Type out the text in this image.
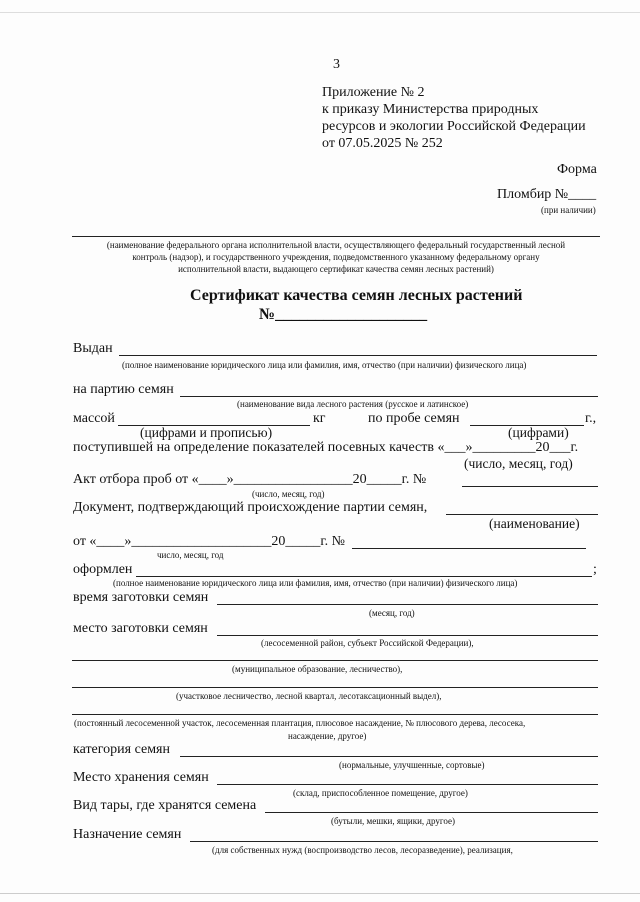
3
Приложение № 2
к приказу Министерства природных
ресурсов и экологии Российской Федерации
от 07.05.2025 № 252
Форма
Пломбир №____
(при наличии)
(наименование федерального органа исполнительной власти, осуществляющего федеральный государственный лесной
контроль (надзор), и государственного учреждения, подведомственного указанному федеральному органу
исполнительной власти, выдающего сертификат качества семян лесных растений)
Сертификат качества семян лесных растений
№___________________
Выдан
(полное наименование юридического лица или фамилия, имя, отчество (при наличии) физического лица)
на партию семян
(наименование вида лесного растения (русское и латинское)
массой	кг	по пробе семян	г.,
(цифрами и прописью)	(цифрами)
поступившей на определение показателей посевных качеств «___»_________20___г.
(число, месяц, год)
Акт отбора проб от «____»_________________20_____г. №
(число, месяц, год)
Документ, подтверждающий происхождение партии семян,
(наименование)
от «____»____________________20_____г. №
число, месяц, год
оформлен	;
(полное наименование юридического лица или фамилия, имя, отчество (при наличии) физического лица)
время заготовки семян
(месяц, год)
место заготовки семян
(лесосеменной район, субъект Российской Федерации),
(муниципальное образование, лесничество),
(участковое лесничество, лесной квартал, лесотаксационный выдел),
(постоянный лесосеменной участок, лесосеменная плантация, плюсовое насаждение, № плюсового дерева, лесосека,
насаждение, другое)
категория семян
(нормальные, улучшенные, сортовые)
Место хранения семян
(склад, приспособленное помещение, другое)
Вид тары, где хранятся семена
(бутыли, мешки, ящики, другое)
Назначение семян
(для собственных нужд (воспроизводство лесов, лесоразведение), реализация,
